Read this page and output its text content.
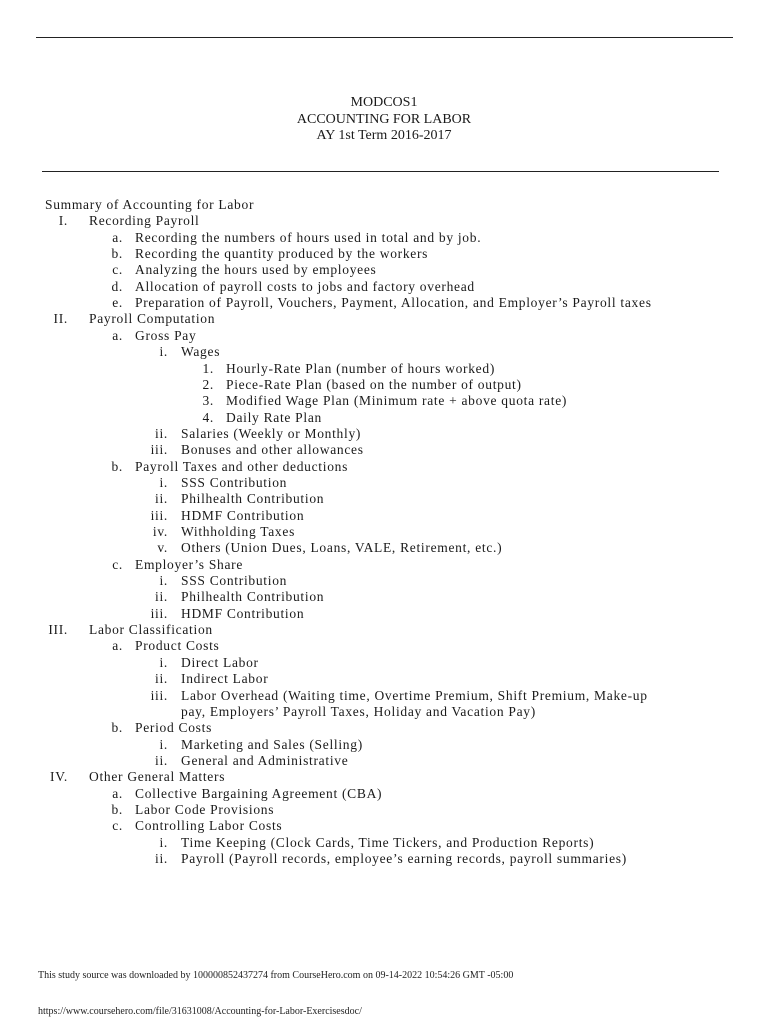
MODCOS1
ACCOUNTING FOR LABOR
AY 1st Term 2016-2017
Summary of Accounting for Labor
I. Recording Payroll
a. Recording the numbers of hours used in total and by job.
b. Recording the quantity produced by the workers
c. Analyzing the hours used by employees
d. Allocation of payroll costs to jobs and factory overhead
e. Preparation of Payroll, Vouchers, Payment, Allocation, and Employer’s Payroll taxes
II. Payroll Computation
a. Gross Pay
i. Wages
1. Hourly-Rate Plan (number of hours worked)
2. Piece-Rate Plan (based on the number of output)
3. Modified Wage Plan (Minimum rate + above quota rate)
4. Daily Rate Plan
ii. Salaries (Weekly or Monthly)
iii. Bonuses and other allowances
b. Payroll Taxes and other deductions
i. SSS Contribution
ii. Philhealth Contribution
iii. HDMF Contribution
iv. Withholding Taxes
v. Others (Union Dues, Loans, VALE, Retirement, etc.)
c. Employer’s Share
i. SSS Contribution
ii. Philhealth Contribution
iii. HDMF Contribution
III. Labor Classification
a. Product Costs
i. Direct Labor
ii. Indirect Labor
iii. Labor Overhead (Waiting time, Overtime Premium, Shift Premium, Make-up
pay, Employers’ Payroll Taxes, Holiday and Vacation Pay)
b. Period Costs
i. Marketing and Sales (Selling)
ii. General and Administrative
IV. Other General Matters
a. Collective Bargaining Agreement (CBA)
b. Labor Code Provisions
c. Controlling Labor Costs
i. Time Keeping (Clock Cards, Time Tickers, and Production Reports)
ii. Payroll (Payroll records, employee’s earning records, payroll summaries)
This study source was downloaded by 100000852437274 from CourseHero.com on 09-14-2022 10:54:26 GMT -05:00
https://www.coursehero.com/file/31631008/Accounting-for-Labor-Exercisesdoc/
